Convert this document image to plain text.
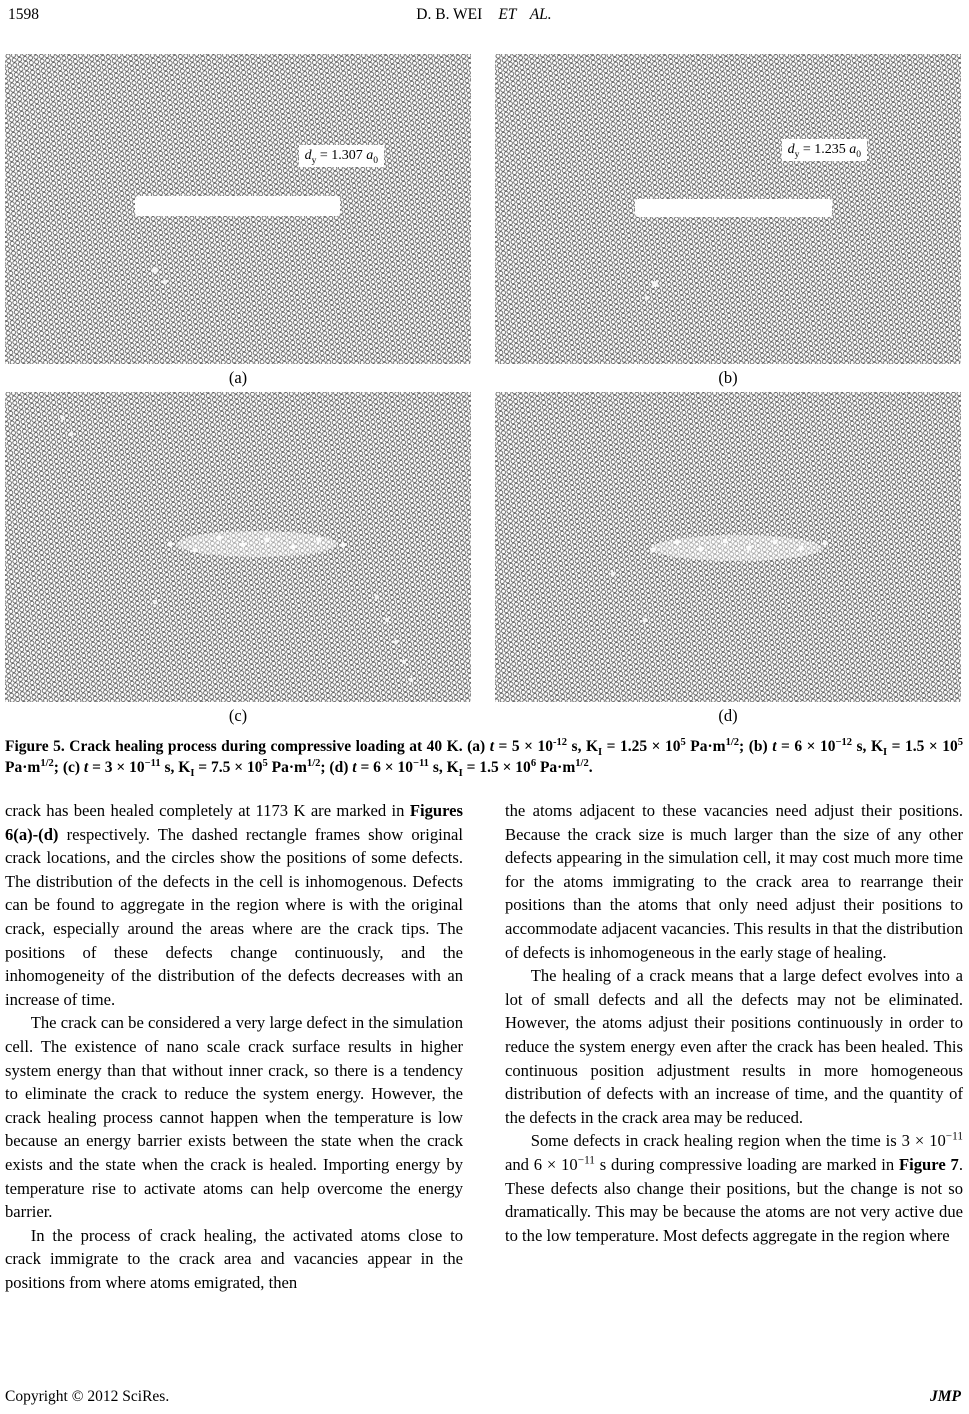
1598	D. B. WEI ET AL.
$d_y = 1.307$ $a_0$
(a)
$d_y = 1.235$ $a_0$
(b)
(c)	(d)
Figure 5. Crack healing process during compressive loading at 40 K. (a) $t = 5 \times 10^{-12}$ s, $K_I = 1.25 \times 10^5$ $Pa\cdot m^{1/2}$; (b) $t = 6 \times 10^{-12}$ s, $K_I = 1.5 \times 10^5$ $Pa\cdot m^{1/2}$; (c) $t = 3 \times 10^{-11}$ s, $K_I = 7.5 \times 10^5$ $Pa\cdot m^{1/2}$; (d) $t = 6 \times 10^{-11}$ s, $K_I = 1.5 \times 10^6$ $Pa\cdot m^{1/2}$.

crack has been healed completely at 1173 K are marked in Figures 6(a)-(d) respectively. The dashed rectangle frames show original crack locations, and the circles show the positions of some defects. The distribution of the defects in the cell is inhomogenous. Defects can be found to aggregate in the region where is with the original crack, especially around the areas where are the crack tips. The positions of these defects change continuously, and the inhomogeneity of the distribution of the defects decreases with an increase of time.

The crack can be considered a very large defect in the simulation cell. The existence of nano scale crack surface results in higher system energy than that without inner crack, so there is a tendency to eliminate the crack to reduce the system energy. However, the crack healing process cannot happen when the temperature is low because an energy barrier exists between the state when the crack exists and the state when the crack is healed. Importing energy by temperature rise to activate atoms can help overcome the energy barrier.

In the process of crack healing, the activated atoms close to crack immigrate to the crack area and vacancies appear in the positions from where atoms emigrated, then

the atoms adjacent to these vacancies need adjust their positions. Because the crack size is much larger than the size of any other defects appearing in the simulation cell, it may cost much more time for the atoms immigrating to the crack area to rearrange their positions than the atoms that only need adjust their positions to accommodate adjacent vacancies. This results in that the distribution of defects is inhomogeneous in the early stage of healing.

The healing of a crack means that a large defect evolves into a lot of small defects and all the defects may not be eliminated. However, the atoms adjust their positions continuously in order to reduce the system energy even after the crack has been healed. This continuous position adjustment results in more homogeneous distribution of defects with an increase of time, and the quantity of the defects in the crack area may be reduced.

Some defects in crack healing region when the time is $3 \times 10^{-11}$ and $6 \times 10^{-11}$ s during compressive loading are marked in Figure 7. These defects also change their positions, but the change is not so dramatically. This may be because the atoms are not very active due to the low temperature. Most defects aggregate in the region where

Copyright © 2012 SciRes.	JMP
